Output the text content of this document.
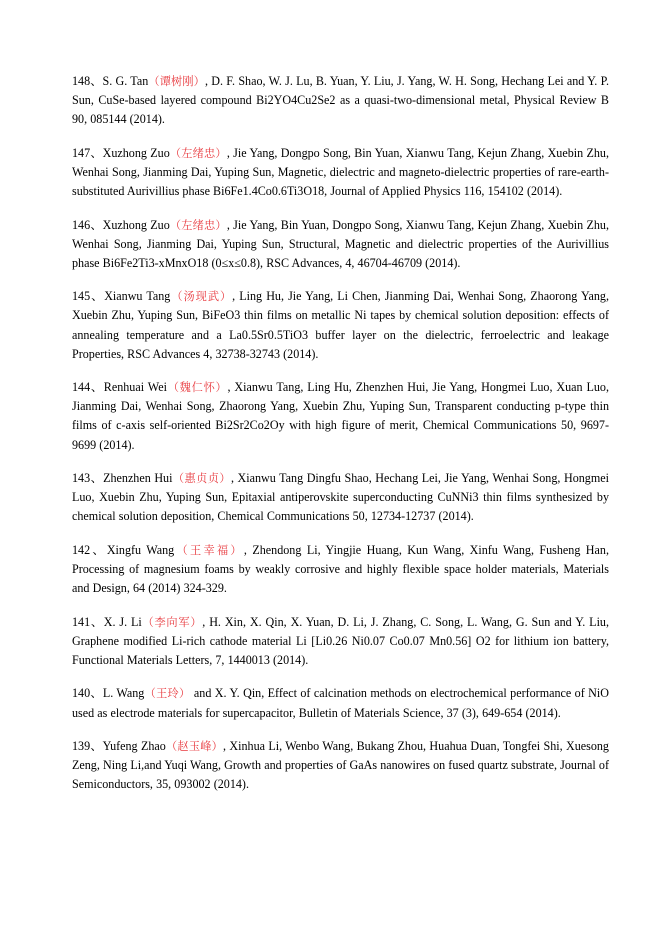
148、S. G. Tan（谭树刚）, D. F. Shao, W. J. Lu, B. Yuan, Y. Liu, J. Yang, W. H. Song, Hechang Lei and Y. P. Sun, CuSe-based layered compound Bi2YO4Cu2Se2 as a quasi-two-dimensional metal, Physical Review B 90, 085144 (2014).

147、Xuzhong Zuo（左绪忠）, Jie Yang, Dongpo Song, Bin Yuan, Xianwu Tang, Kejun Zhang, Xuebin Zhu, Wenhai Song, Jianming Dai, Yuping Sun, Magnetic, dielectric and magneto-dielectric properties of rare-earth-substituted Aurivillius phase Bi6Fe1.4Co0.6Ti3O18, Journal of Applied Physics 116, 154102 (2014).

146、Xuzhong Zuo（左绪忠）, Jie Yang, Bin Yuan, Dongpo Song, Xianwu Tang, Kejun Zhang, Xuebin Zhu, Wenhai Song, Jianming Dai, Yuping Sun, Structural, Magnetic and dielectric properties of the Aurivillius phase Bi6Fe2Ti3-xMnxO18 (0≤x≤0.8), RSC Advances, 4, 46704-46709 (2014).

145、Xianwu Tang（汤现武）, Ling Hu, Jie Yang, Li Chen, Jianming Dai, Wenhai Song, Zhaorong Yang, Xuebin Zhu, Yuping Sun, BiFeO3 thin films on metallic Ni tapes by chemical solution deposition: effects of annealing temperature and a La0.5Sr0.5TiO3 buffer layer on the dielectric, ferroelectric and leakage Properties, RSC Advances 4, 32738-32743 (2014).

144、Renhuai Wei（魏仁怀）, Xianwu Tang, Ling Hu, Zhenzhen Hui, Jie Yang, Hongmei Luo, Xuan Luo, Jianming Dai, Wenhai Song, Zhaorong Yang, Xuebin Zhu, Yuping Sun, Transparent conducting p-type thin films of c-axis self-oriented Bi2Sr2Co2Oy with high figure of merit, Chemical Communications 50, 9697-9699 (2014).

143、Zhenzhen Hui（惠贞贞）, Xianwu Tang Dingfu Shao, Hechang Lei, Jie Yang, Wenhai Song, Hongmei Luo, Xuebin Zhu, Yuping Sun, Epitaxial antiperovskite superconducting CuNNi3 thin films synthesized by chemical solution deposition, Chemical Communications 50, 12734-12737 (2014).

142、Xingfu Wang（王幸福）, Zhendong Li, Yingjie Huang, Kun Wang, Xinfu Wang, Fusheng Han, Processing of magnesium foams by weakly corrosive and highly flexible space holder materials, Materials and Design, 64 (2014) 324-329.

141、X. J. Li（李向军）, H. Xin, X. Qin, X. Yuan, D. Li, J. Zhang, C. Song, L. Wang, G. Sun and Y. Liu, Graphene modified Li-rich cathode material Li [Li0.26 Ni0.07 Co0.07 Mn0.56] O2 for lithium ion battery, Functional Materials Letters, 7, 1440013 (2014).

140、L. Wang（王玲） and X. Y. Qin, Effect of calcination methods on electrochemical performance of NiO used as electrode materials for supercapacitor, Bulletin of Materials Science, 37 (3), 649-654 (2014).

139、Yufeng Zhao（赵玉峰）, Xinhua Li, Wenbo Wang, Bukang Zhou, Huahua Duan, Tongfei Shi, Xuesong Zeng, Ning Li,and Yuqi Wang, Growth and properties of GaAs nanowires on fused quartz substrate, Journal of Semiconductors, 35, 093002 (2014).
